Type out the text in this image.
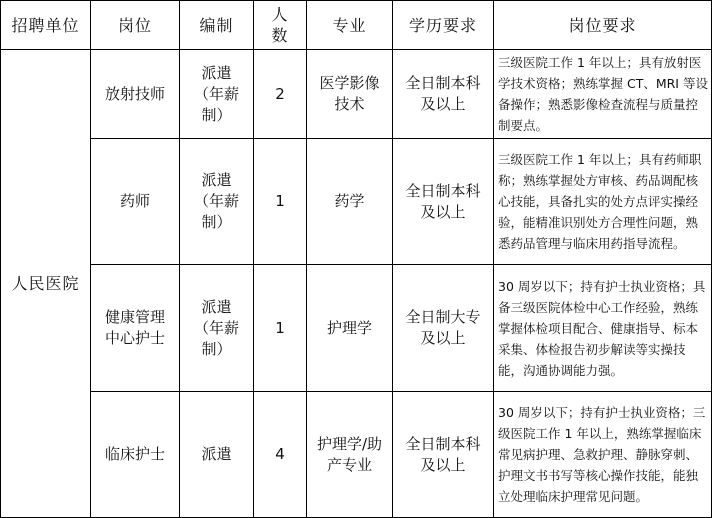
招聘单位	岗位	编制	人数	专业	学历要求	岗位要求
人民医院	放射技师	派遣（年薪制）	2	医学影像技术	全日制本科及以上	三级医院工作 1 年以上；具有放射医学技术资格；熟练掌握 CT、MRI 等设备操作；熟悉影像检查流程与质量控制要点。
	药师	派遣（年薪制）	1	药学	全日制本科及以上	三级医院工作 1 年以上；具有药师职称；熟练掌握处方审核、药品调配核心技能，具备扎实的处方点评实操经验，能精准识别处方合理性问题，熟悉药品管理与临床用药指导流程。
	健康管理中心护士	派遣（年薪制）	1	护理学	全日制大专及以上	30 周岁以下；持有护士执业资格；具备三级医院体检中心工作经验，熟练掌握体检项目配合、健康指导、标本采集、体检报告初步解读等实操技能，沟通协调能力强。
	临床护士	派遣	4	护理学/助产专业	全日制本科及以上	30 周岁以下；持有护士执业资格；三级医院工作 1 年以上，熟练掌握临床常见病护理、急救护理、静脉穿刺、护理文书书写等核心操作技能，能独立处理临床护理常见问题。
